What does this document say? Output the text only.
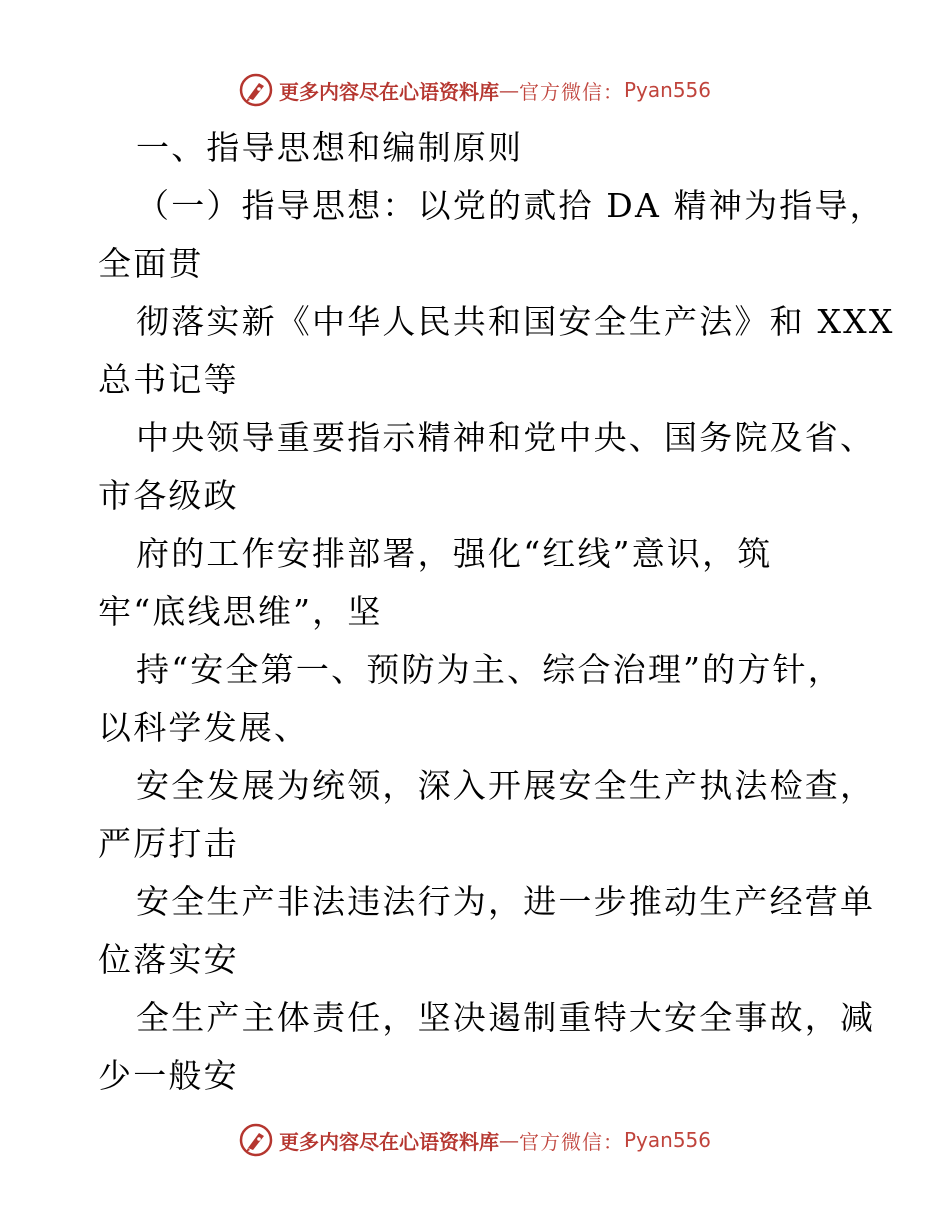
更多内容尽在心语资料库 — 官方微信： Pyan556
一、指导思想和编制原则
（一）指导思想：以党的贰拾 DA 精神为指导，
全面贯
彻落实新《中华人民共和国安全生产法》和 XXX
总书记等
中央领导重要指示精神和党中央、国务院及省、
市各级政
府的工作安排部署，强化“红线”意识，筑
牢“底线思维”，坚
持“安全第一、预防为主、综合治理”的方针，
以科学发展、
安全发展为统领，深入开展安全生产执法检查，
严厉打击
安全生产非法违法行为，进一步推动生产经营单
位落实安
全生产主体责任，坚决遏制重特大安全事故，减
少一般安
更多内容尽在心语资料库 — 官方微信： Pyan556
